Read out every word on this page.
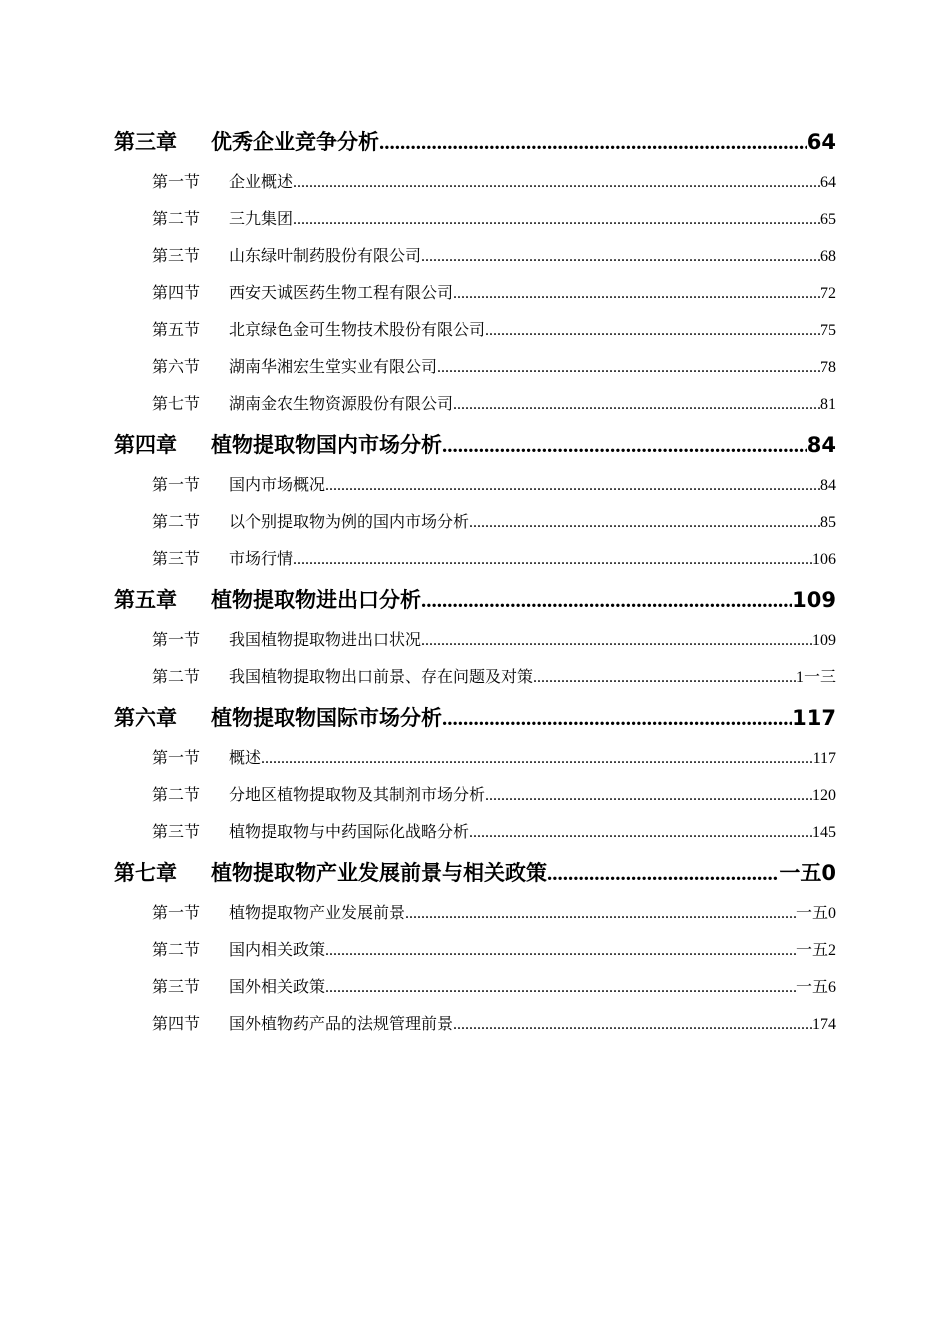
第三章	优秀企业竞争分析 .....	64
第一节	企业概述 .....	64
第二节	三九集团 .....	65
第三节	山东绿叶制药股份有限公司 .....	68
第四节	西安天诚医药生物工程有限公司 .....	72
第五节	北京绿色金可生物技术股份有限公司 .....	75
第六节	湖南华湘宏生堂实业有限公司 .....	78
第七节	湖南金农生物资源股份有限公司 .....	81
第四章	植物提取物国内市场分析 .....	84
第一节	国内市场概况 .....	84
第二节	以个别提取物为例的国内市场分析 .....	85
第三节	市场行情 .....	106
第五章	植物提取物进出口分析 .....	109
第一节	我国植物提取物进出口状况 .....	109
第二节	我国植物提取物出口前景、存在问题及对策 .....	1一三
第六章	植物提取物国际市场分析 .....	117
第一节	概述 .....	117
第二节	分地区植物提取物及其制剂市场分析 .....	120
第三节	植物提取物与中药国际化战略分析 .....	145
第七章	植物提取物产业发展前景与相关政策 .....	一五0
第一节	植物提取物产业发展前景 .....	一五0
第二节	国内相关政策 .....	一五2
第三节	国外相关政策 .....	一五6
第四节	国外植物药产品的法规管理前景 .....	174
